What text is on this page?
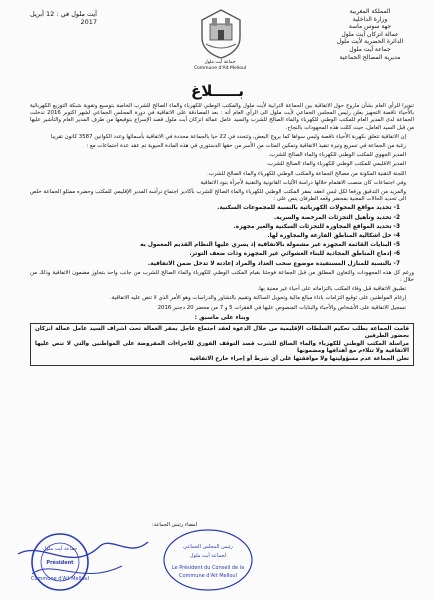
آيت ملول في : 12 أبريل 2017
المملكة المغربية
وزارة الداخلية
جهة سوس ماسة
عمالة انزكان أيت ملول
الدائرة الحضرية لأيت ملول
جماعة أيت ملول
مديرية المصالح الجماعية
جماعة آيت ملول
Commune d'Ait Melloul
بـــــلاغ

تنويرا للرأي العام بشأن ماروج حول الاتفاقية بين الجماعة الترابية لأيت ملول والمكتب الوطني للكهرباء والماء الصالح للشرب الخاصة بتوسيع وتقوية شبكة التوزيع الكهربائية بالأحياء ناقصة التجهيز يعلن رئيس المجلس الجماعي لأيت ملول الى الرأي العام أنه : بعد المصادقة على الاتفاقية في دورة المجلس الجماعي لشهر اكتوبر 2016 تدخلت الجماعة لدى المدير العام للمكتب الوطني للكهرباء والماء الصالح للشرب والسيد عامل عمالة انزكان أيت ملول قصد الإسراع بتوقيعها من طرف المدير العام والتأشير عليها من قبل السيد العامل، حيث كللت هذه المجهودات بالنجاح.

إن الاتفاقية تتعلق بكهربة الأحياء ناقصة وليس سواها كما يروج البعض، وتتحدد في 22 حيا بالجماعة محددة في الاتفاقية بأسمائها وعدد الكوانين 3587 كانون تقريبا

رغبة من الجماعة في تسريع وتيرة تنفيذ الاتفاقية وتمكين المئات من الأسر من حقها الدستوري في هذه المادة الحيوية تم عقد عدة اجتماعات مع :

المدير الجهوي للمكتب الوطني للكهرباء والماء الصالح للشرب.

المدير الاقليمي للمكتب الوطني للكهرباء والماء الصالح للشرب.

اللجنة التقنية المكونة من مصالح الجماعة والمكتب الوطني للكهرباء والماء الصالح للشرب.

وفي اجتماعات كان منصب الاهتمام خلالها دراسة الآليات القانونية والتقنية لأجرأة بنود الاتفاقية

والمزيد من التدقيق ورفعا لكل لبس انعقد بمقر المكتب الوطني للكهرباء والماء الصالح للشرب بأكادير اجتماع ترأسه المدير الإقليمي للمكتب وحضره ممثلو الجماعة خلص الى تحديد الحالات المعنية بمحضر وقعه الطرفان ينص على :

1- تحديد مواقع المحولات الكهربائية بالنسبة للمجموعات السكنية.

2- تحديد وتأهيل التجزئات المرخصة والسرية.

3- تحديد المواقع المجاورة للتجزئات السكنية والغير مجهزة.

4- حل اشكالية المناطق الفارغة والمجاورة لها.

5- البنايات القائمة المجهزة غير مشمولة بالاتفاقية إذ يسري عليها النظام القديم المعمول به

6- إدماج المناطق المحاذية للبناء العشوائي غير المجهزة وذات ضعف التوتر.

7- بالنسبة للمنازل المستفيدة موضوع سحب العداد والمراد إعادته لا تدخل ضمن الاتفاقية.

ورغم كل هذه المجهودات والتعاون المطلق من قبل الجماعة فوجئنا بقيام المكتب الوطني للكهرباء والماء الصالح للشرب من جانب واحد بتجاوز مضمون الاتفاقية وذلك من خلال :

تطبيق الاتفاقية قبل وفاء المكتب بالتزاماته على أحياء غير معنية بها.

إرغام المواطنين على توقيع التزامات باداء مبالغ مالية وتحويل الساكنة وتقييم بالتشاور والدراسات وهو الأمر الذي لا تنص عليه الاتفاقية.

تسجيل الاتفاقية على الأشخاص والأحياء والبنايات المنصوص عليها في الفقرات 5 و 7 من محضر 20 دجنبر 2016

وبناء على ماسبق :

قامت الجماعة بطلب تحكيم السلطات الإقليمية من خلال الدعوة لعقد اجتماع عاجل بمقر العمالة تحت اشراف السيد عامل عمالة انزكان بحضور الطرفين
مراسلة المكتب الوطني للكهرباء والماء الصالح للشرب قصد التوقف الفوري للاجراءات المفروضة على المواطنين والتي لا تنص عليها الاتفاقية ولا تتلاءم مع اهدافها ومضمونها
تعلن الجماعة عدم مسؤوليتها ولا موافقتها على أي شرط أو إجراء خارج الاتفاقية
امضاء رئيس الجماعة:
جماعة أيت ملول
Président
Commune d'Ait Melloul
رئيس المجلس الجماعي
لجماعة أيت ملول
Le Président du Conseil de la
Commune d'Ait Melloul
